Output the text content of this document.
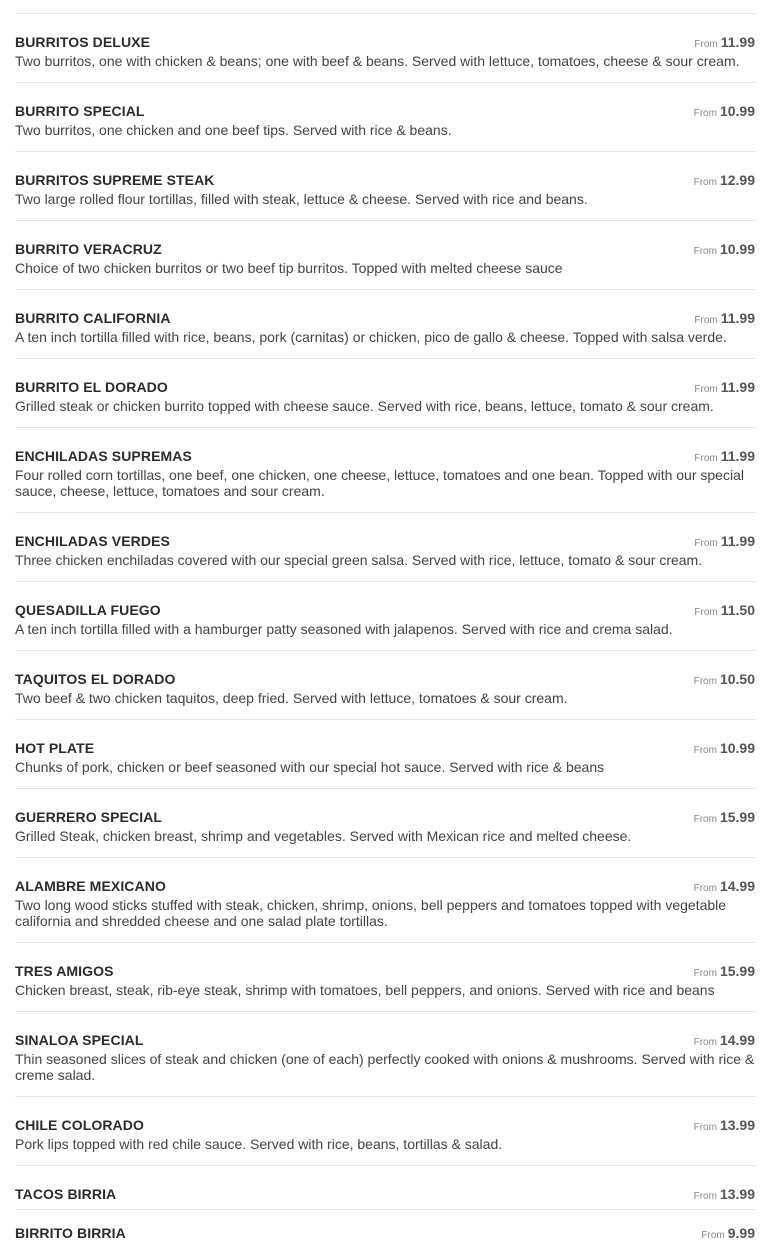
BURRITOS DELUXE	From 11.99
Two burritos, one with chicken & beans; one with beef & beans. Served with lettuce, tomatoes, cheese & sour cream.
BURRITO SPECIAL	From 10.99
Two burritos, one chicken and one beef tips. Served with rice & beans.
BURRITOS SUPREME STEAK	From 12.99
Two large rolled flour tortillas, filled with steak, lettuce & cheese. Served with rice and beans.
BURRITO VERACRUZ	From 10.99
Choice of two chicken burritos or two beef tip burritos. Topped with melted cheese sauce
BURRITO CALIFORNIA	From 11.99
A ten inch tortilla filled with rice, beans, pork (carnitas) or chicken, pico de gallo & cheese. Topped with salsa verde.
BURRITO EL DORADO	From 11.99
Grilled steak or chicken burrito topped with cheese sauce. Served with rice, beans, lettuce, tomato & sour cream.
ENCHILADAS SUPREMAS	From 11.99
Four rolled corn tortillas, one beef, one chicken, one cheese, lettuce, tomatoes and one bean. Topped with our special sauce, cheese, lettuce, tomatoes and sour cream.
ENCHILADAS VERDES	From 11.99
Three chicken enchiladas covered with our special green salsa. Served with rice, lettuce, tomato & sour cream.
QUESADILLA FUEGO	From 11.50
A ten inch tortilla filled with a hamburger patty seasoned with jalapenos. Served with rice and crema salad.
TAQUITOS EL DORADO	From 10.50
Two beef & two chicken taquitos, deep fried. Served with lettuce, tomatoes & sour cream.
HOT PLATE	From 10.99
Chunks of pork, chicken or beef seasoned with our special hot sauce. Served with rice & beans
GUERRERO SPECIAL	From 15.99
Grilled Steak, chicken breast, shrimp and vegetables. Served with Mexican rice and melted cheese.
ALAMBRE MEXICANO	From 14.99
Two long wood sticks stuffed with steak, chicken, shrimp, onions, bell peppers and tomatoes topped with vegetable california and shredded cheese and one salad plate tortillas.
TRES AMIGOS	From 15.99
Chicken breast, steak, rib-eye steak, shrimp with tomatoes, bell peppers, and onions. Served with rice and beans
SINALOA SPECIAL	From 14.99
Thin seasoned slices of steak and chicken (one of each) perfectly cooked with onions & mushrooms. Served with rice & creme salad.
CHILE COLORADO	From 13.99
Pork lips topped with red chile sauce. Served with rice, beans, tortillas & salad.
TACOS BIRRIA	From 13.99
BIRRITO BIRRIA	From 9.99
